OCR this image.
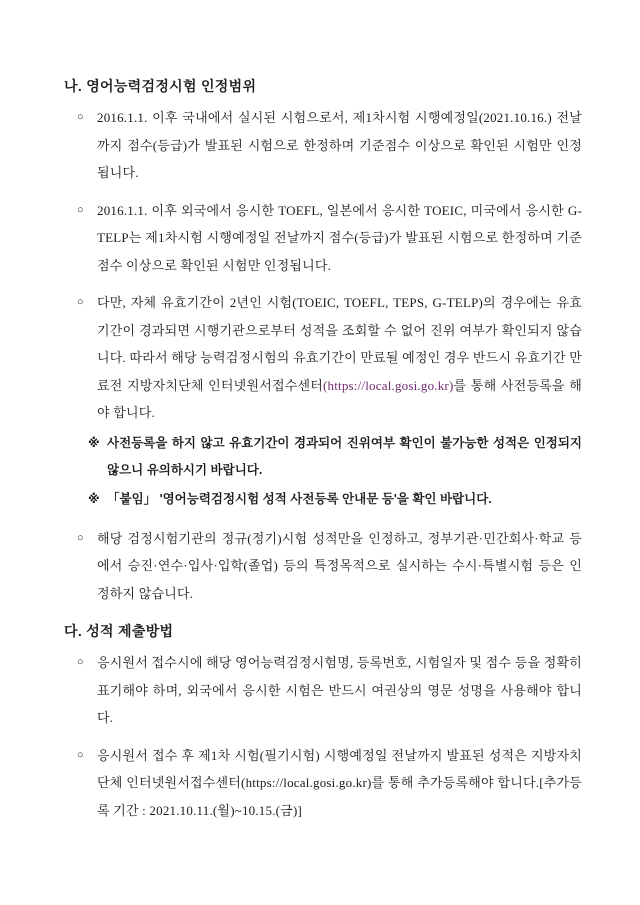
나. 영어능력검정시험 인정범위
○	2016.1.1. 이후 국내에서 실시된 시험으로서, 제1차시험 시행예정일(2021.10.16.) 전날까지 점수(등급)가 발표된 시험으로 한정하며 기준점수 이상으로 확인된 시험만 인정됩니다.

○	2016.1.1. 이후 외국에서 응시한 TOEFL, 일본에서 응시한 TOEIC, 미국에서 응시한 G-TELP는 제1차시험 시행예정일 전날까지 점수(등급)가 발표된 시험으로 한정하며 기준점수 이상으로 확인된 시험만 인정됩니다.

○	다만, 자체 유효기간이 2년인 시험(TOEIC, TOEFL, TEPS, G-TELP)의 경우에는 유효기간이 경과되면 시행기관으로부터 성적을 조회할 수 없어 진위 여부가 확인되지 않습니다. 따라서 해당 능력검정시험의 유효기간이 만료될 예정인 경우 반드시 유효기간 만료전 지방자치단체 인터넷원서접수센터(https://local.gosi.go.kr)를 통해 사전등록을 해야 합니다.

※ 사전등록을 하지 않고 유효기간이 경과되어 진위여부 확인이 불가능한 성적은 인정되지 않으니 유의하시기 바랍니다.

※ 「붙임」 '영어능력검정시험 성적 사전등록 안내문 등'을 확인 바랍니다.

○	해당 검정시험기관의 정규(정기)시험 성적만을 인정하고, 정부기관·민간회사·학교 등에서 승진·연수·입사·입학(졸업) 등의 특정목적으로 실시하는 수시·특별시험 등은 인정하지 않습니다.

다. 성적 제출방법
○	응시원서 접수시에 해당 영어능력검정시험명, 등록번호, 시험일자 및 점수 등을 정확히 표기해야 하며, 외국에서 응시한 시험은 반드시 여권상의 영문 성명을 사용해야 합니다.

○	응시원서 접수 후 제1차 시험(필기시험) 시행예정일 전날까지 발표된 성적은 지방자치단체 인터넷원서접수센터(https://local.gosi.go.kr)를 통해 추가등록해야 합니다.[추가등록 기간 : 2021.10.11.(월)~10.15.(금)]
